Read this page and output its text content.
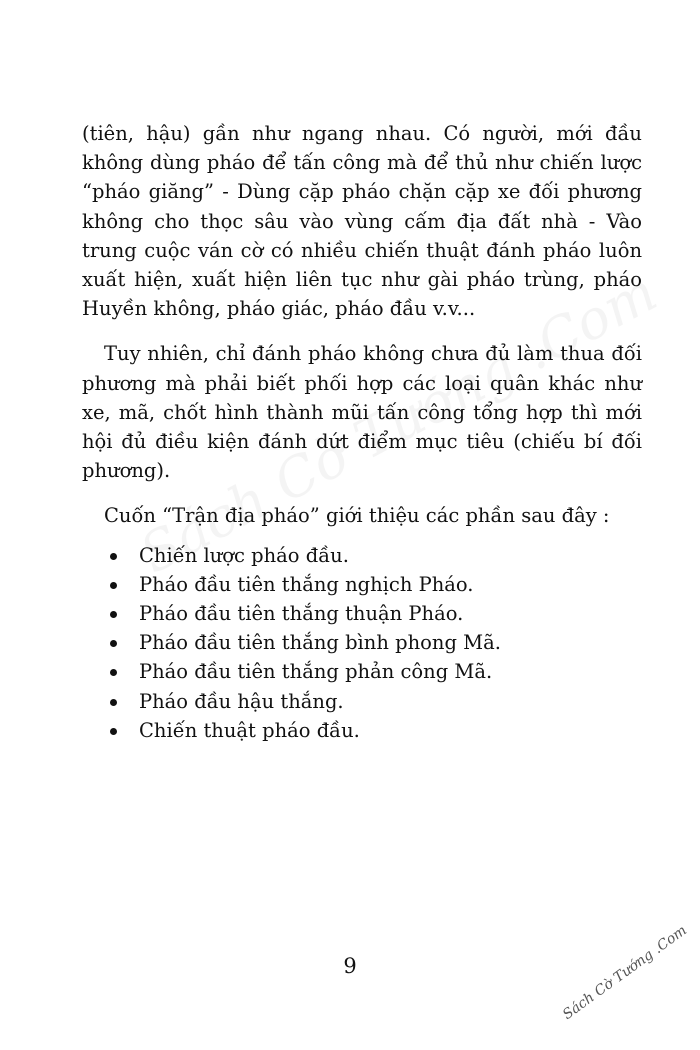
(tiên, hậu) gần như ngang nhau. Có người, mới đầu không dùng pháo để tấn công mà để thủ như chiến lược “pháo giăng” - Dùng cặp pháo chặn cặp xe đối phương không cho thọc sâu vào vùng cấm địa đất nhà - Vào trung cuộc ván cờ có nhiều chiến thuật đánh pháo luôn xuất hiện, xuất hiện liên tục như gài pháo trùng, pháo Huyền không, pháo giác, pháo đầu v.v...

Tuy nhiên, chỉ đánh pháo không chưa đủ làm thua đối phương mà phải biết phối hợp các loại quân khác như xe, mã, chốt hình thành mũi tấn công tổng hợp thì mới hội đủ điều kiện đánh dứt điểm mục tiêu (chiếu bí đối phương).

Cuốn “Trận địa pháo” giới thiệu các phần sau đây :

Chiến lược pháo đầu.
Pháo đầu tiên thắng nghịch Pháo.
Pháo đầu tiên thắng thuận Pháo.
Pháo đầu tiên thắng bình phong Mã.
Pháo đầu tiên thắng phản công Mã.
Pháo đầu hậu thắng.
Chiến thuật pháo đầu.
9	Sách Cờ Tướng .Com
